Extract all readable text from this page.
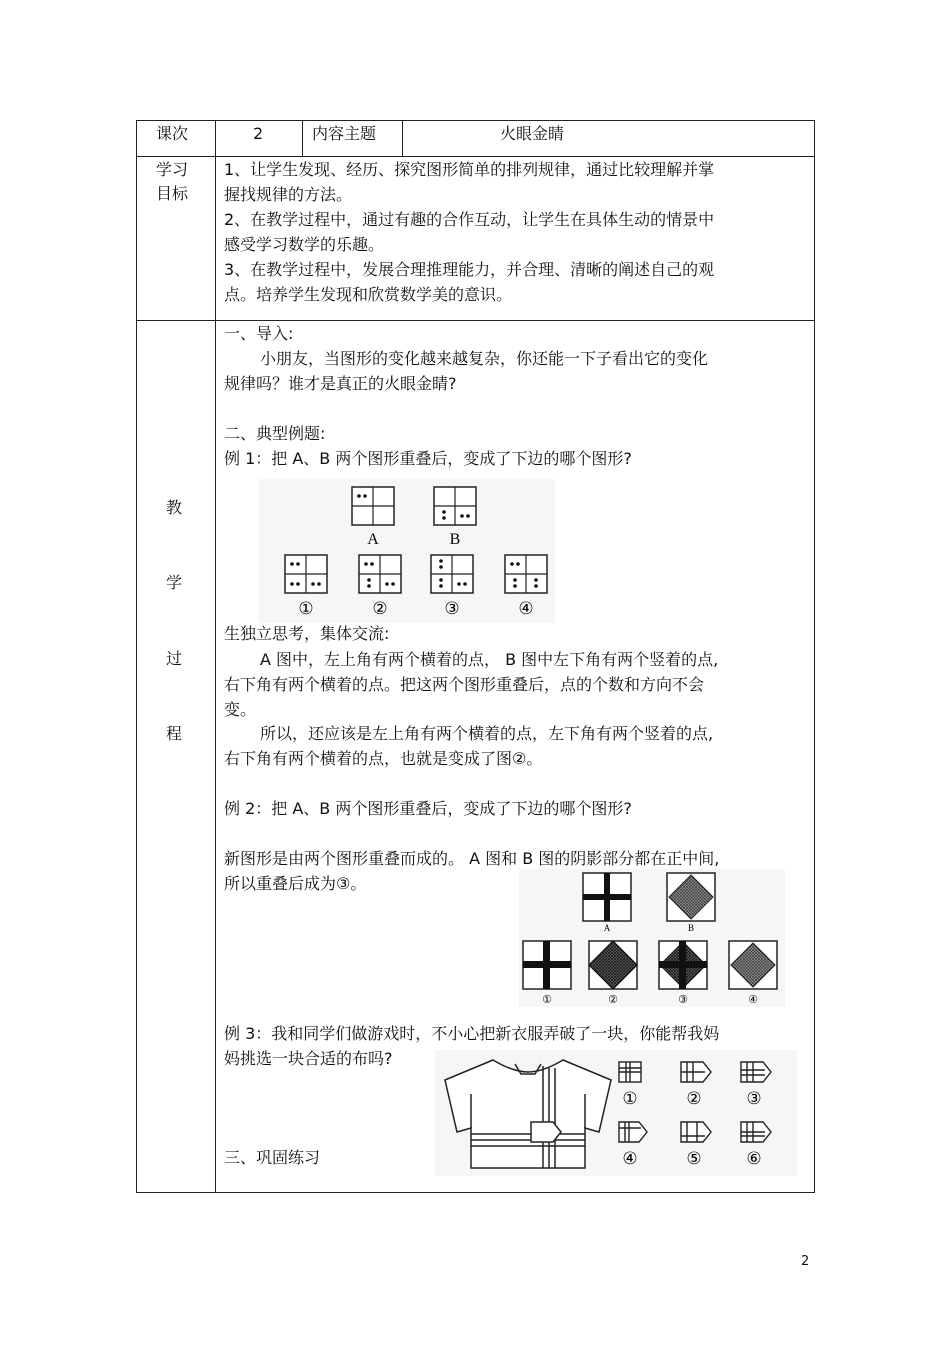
课次	2	内容主题	火眼金睛
学习
目标
1、让学生发现、经历、探究图形简单的排列规律，通过比较理解并掌
握找规律的方法。
2、在教学过程中，通过有趣的合作互动，让学生在具体生动的情景中
感受学习数学的乐趣。
3、在教学过程中，发展合理推理能力，并合理、清晰的阐述自己的观
点。培养学生发现和欣赏数学美的意识。
教
学
过
程
一、导入:
小朋友，当图形的变化越来越复杂，你还能一下子看出它的变化
规律吗？谁才是真正的火眼金睛?
二、典型例题:
例 1：把 A、B 两个图形重叠后，变成了下边的哪个图形?
A	B
①	②	③	④
生独立思考，集体交流:
A 图中，左上角有两个横着的点， B 图中左下角有两个竖着的点,
右下角有两个横着的点。把这两个图形重叠后，点的个数和方向不会
变。
所以，还应该是左上角有两个横着的点，左下角有两个竖着的点,
右下角有两个横着的点，也就是变成了图②。
例 2：把 A、B 两个图形重叠后，变成了下边的哪个图形?
新图形是由两个图形重叠而成的。 A 图和 B 图的阴影部分都在正中间,
所以重叠后成为③。
A	B
①	②	③	④
例 3：我和同学们做游戏时，不小心把新衣服弄破了一块，你能帮我妈
妈挑选一块合适的布吗?
①	②	③
④	⑤	⑥
三、巩固练习
2
